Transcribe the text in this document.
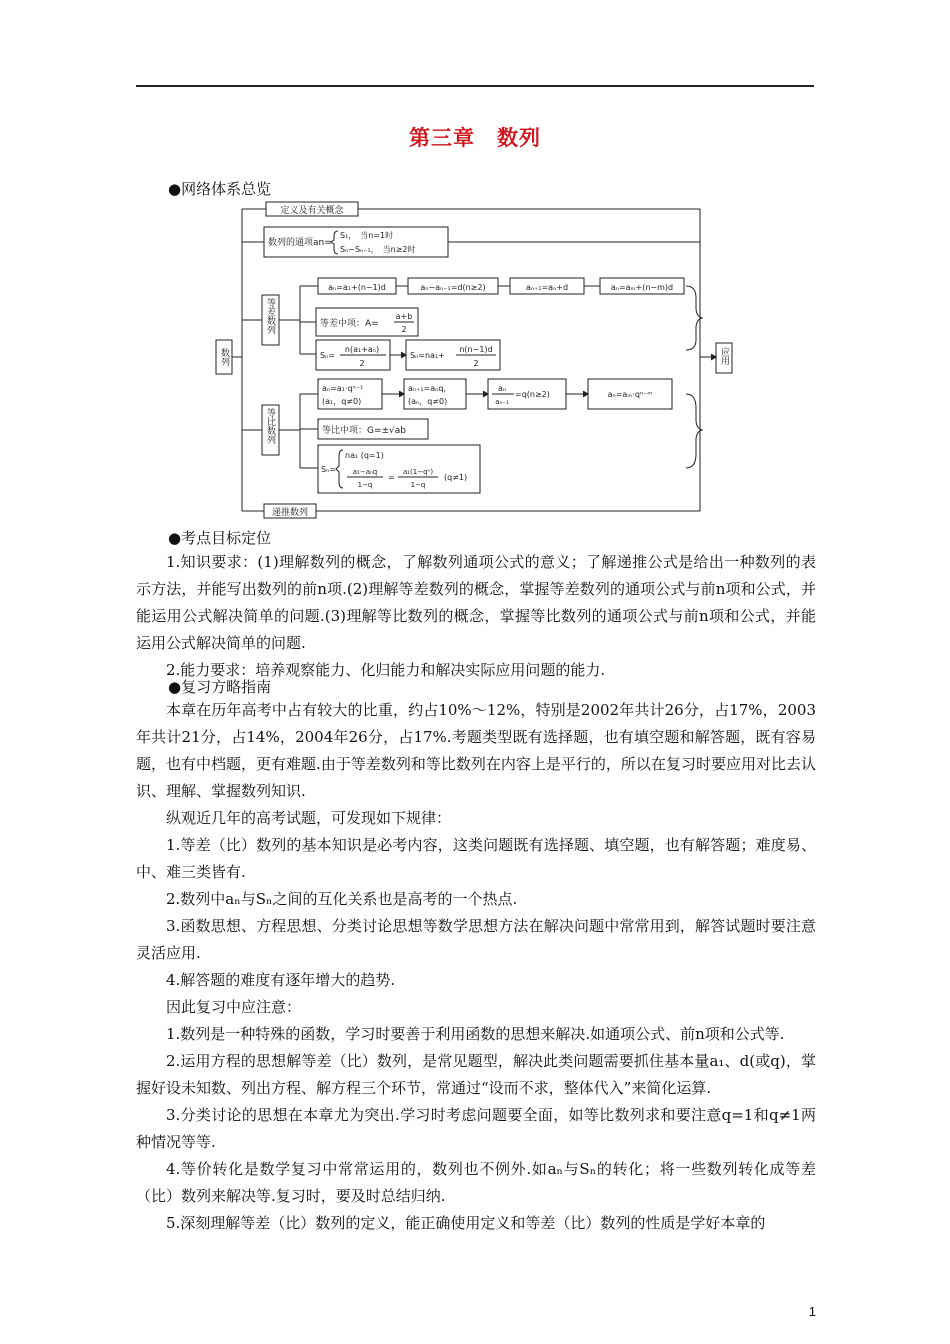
第三章　数列
●网络体系总览
数列
定义及有关概念
数列的通项an=
S₁，　当n=1时
Sₙ−Sₙ₋₁，　当n≥2时
等差数列
aₙ=a₁+(n−1)d	aₙ−aₙ₋₁=d(n≥2)	aₙ₊₁=aₙ+d	aₙ=aₘ+(n−m)d
等差中项：A=
a+b
2
Sₙ=
n(a₁+aₙ)
2
Sₙ=na₁+
n(n−1)d
2
等比数列
aₙ=a₁·qⁿ⁻¹
(a₁，q≠0)
aₙ₊₁=aₙq，
(aₙ，q≠0)
aₙ
aₙ₋₁
=q(n≥2)	aₙ=aₘ·qⁿ⁻ᵐ
等比中项：G=±√ab
Sₙ=
na₁ (q=1)
a₁−aₙq
1−q
=
a₁(1−qⁿ)
1−q
(q≠1)
递推数列
应用
●考点目标定位

1.知识要求：(1)理解数列的概念，了解数列通项公式的意义；了解递推公式是给出一种数列的表示方法，并能写出数列的前n项.(2)理解等差数列的概念，掌握等差数列的通项公式与前n项和公式，并能运用公式解决简单的问题.(3)理解等比数列的概念，掌握等比数列的通项公式与前n项和公式，并能运用公式解决简单的问题.

2.能力要求：培养观察能力、化归能力和解决实际应用问题的能力.

●复习方略指南

本章在历年高考中占有较大的比重，约占10%～12%，特别是2002年共计26分，占17%，2003年共计21分，占14%，2004年26分，占17%.考题类型既有选择题，也有填空题和解答题，既有容易题，也有中档题，更有难题.由于等差数列和等比数列在内容上是平行的，所以在复习时要应用对比去认识、理解、掌握数列知识.

纵观近几年的高考试题，可发现如下规律：

1.等差（比）数列的基本知识是必考内容，这类问题既有选择题、填空题，也有解答题；难度易、中、难三类皆有.

2.数列中aₙ与Sₙ之间的互化关系也是高考的一个热点.

3.函数思想、方程思想、分类讨论思想等数学思想方法在解决问题中常常用到，解答试题时要注意灵活应用.

4.解答题的难度有逐年增大的趋势.

因此复习中应注意：

1.数列是一种特殊的函数，学习时要善于利用函数的思想来解决.如通项公式、前n项和公式等.

2.运用方程的思想解等差（比）数列，是常见题型，解决此类问题需要抓住基本量a₁、d(或q)，掌握好设未知数、列出方程、解方程三个环节，常通过“设而不求，整体代入”来简化运算.

3.分类讨论的思想在本章尤为突出.学习时考虑问题要全面，如等比数列求和要注意q=1和q≠1两种情况等等.

4.等价转化是数学复习中常常运用的，数列也不例外.如aₙ与Sₙ的转化；将一些数列转化成等差（比）数列来解决等.复习时，要及时总结归纳.

5.深刻理解等差（比）数列的定义，能正确使用定义和等差（比）数列的性质是学好本章的

1
